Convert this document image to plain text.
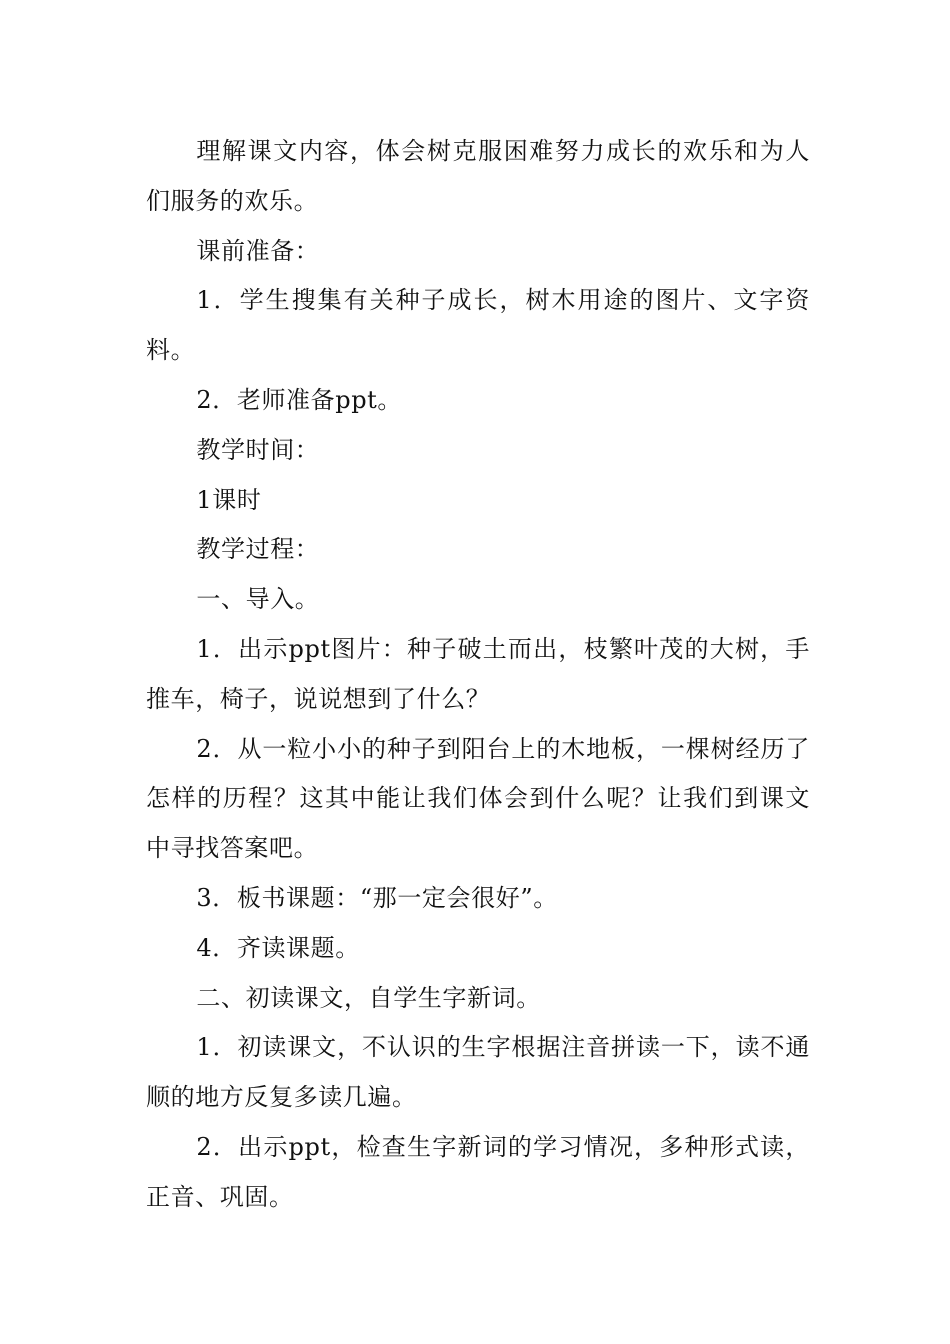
理解课文内容，体会树克服困难努力成长的欢乐和为人们服务的欢乐。

课前准备：

1．学生搜集有关种子成长，树木用途的图片、文字资料。

2．老师准备ppt。

教学时间：

1课时

教学过程：

一、导入。

1．出示ppt图片：种子破土而出，枝繁叶茂的大树，手推车，椅子，说说想到了什么？

2．从一粒小小的种子到阳台上的木地板，一棵树经历了怎样的历程？这其中能让我们体会到什么呢？让我们到课文中寻找答案吧。

3．板书课题：“那一定会很好”。

4．齐读课题。

二、初读课文，自学生字新词。

1．初读课文，不认识的生字根据注音拼读一下，读不通顺的地方反复多读几遍。

2．出示ppt，检查生字新词的学习情况，多种形式读，正音、巩固。
